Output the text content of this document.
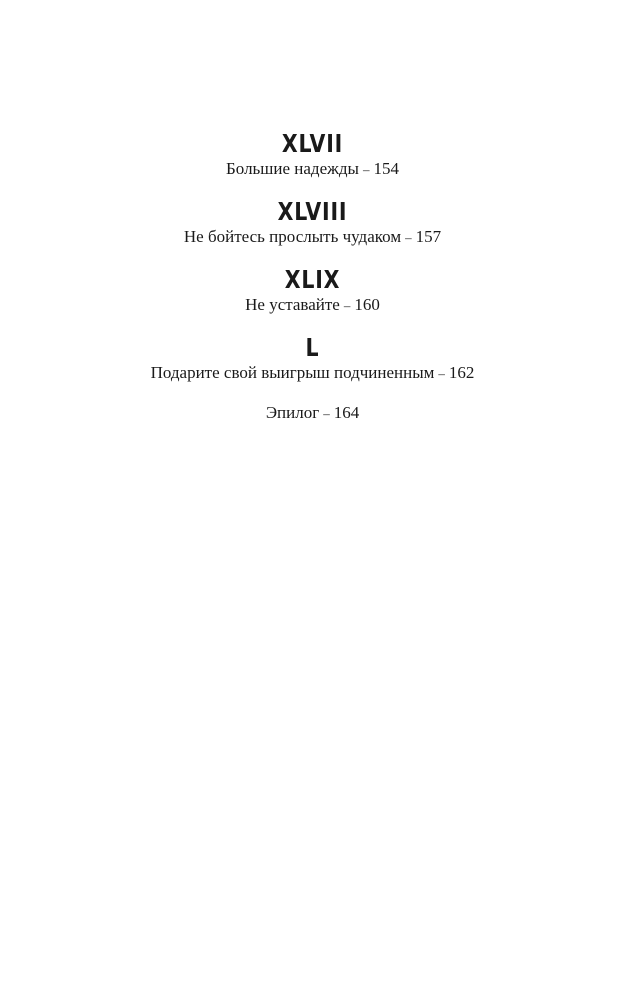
XLVII
Большие надежды – 154
XLVIII
Не бойтесь прослыть чудаком – 157
XLIX
Не уставайте – 160
L
Подарите свой выигрыш подчиненным – 162
Эпилог – 164
